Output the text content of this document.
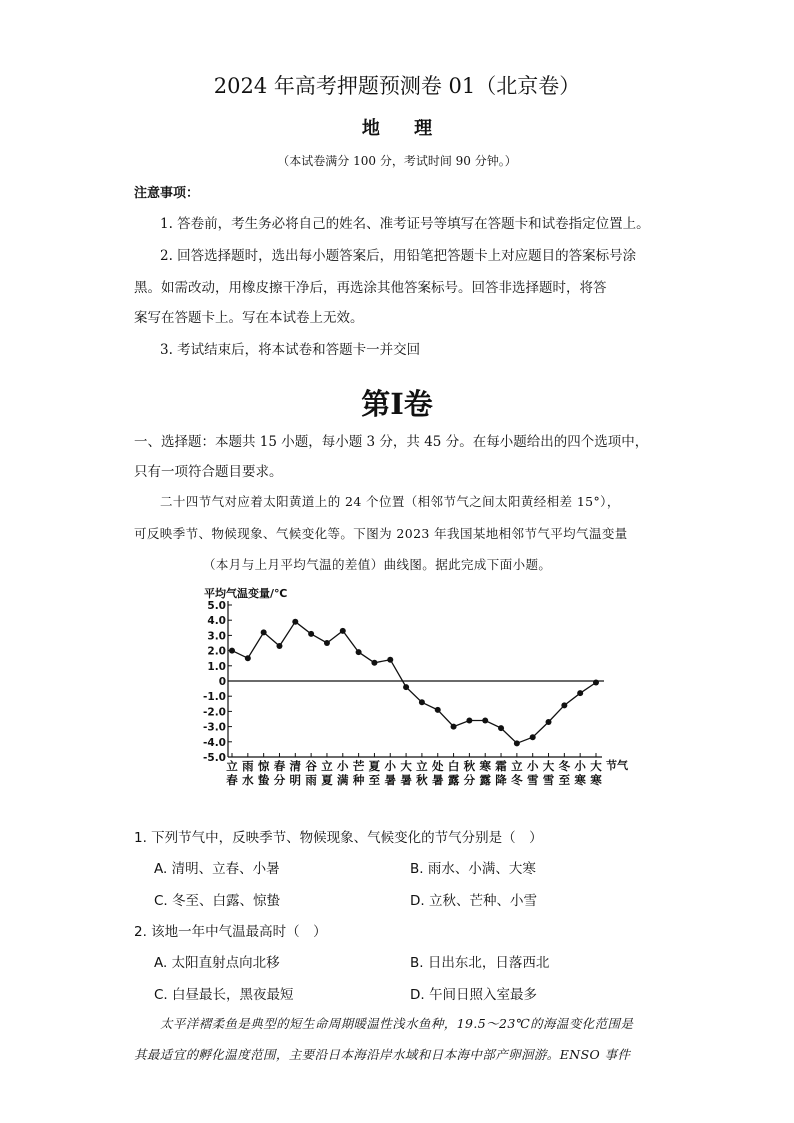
2024 年高考押题预测卷 01（北京卷）
地 理
（本试卷满分 100 分，考试时间 90 分钟。）
注意事项：
1. 答卷前，考生务必将自己的姓名、准考证号等填写在答题卡和试卷指定位置上。
2. 回答选择题时，选出每小题答案后，用铅笔把答题卡上对应题目的答案标号涂
黑。如需改动，用橡皮擦干净后，再选涂其他答案标号。回答非选择题时，将答
案写在答题卡上。写在本试卷上无效。
3. 考试结束后，将本试卷和答题卡一并交回
第Ⅰ卷
一、选择题：本题共 15 小题，每小题 3 分，共 45 分。在每小题给出的四个选项中，
只有一项符合题目要求。
二十四节气对应着太阳黄道上的 24 个位置（相邻节气之间太阳黄经相差 15°），
可反映季节、物候现象、气候变化等。下图为 2023 年我国某地相邻节气平均气温变量
（本月与上月平均气温的差值）曲线图。据此完成下面小题。
平均气温变量/℃
5.0
4.0
3.0
2.0
1.0
0
-1.0
-2.0
-3.0
-4.0
-5.0
立
春
雨
水
惊
蛰
春
分
清
明
谷
雨
立
夏
小
满
芒
种
夏
至
小
暑
大
暑
立
秋
处
暑
白
露
秋
分
寒
露
霜
降
立
冬
小
雪
大
雪
冬
至
小
寒
大
寒
节气
1. 下列节气中，反映季节、物候现象、气候变化的节气分别是（　）
A. 清明、立春、小暑	B. 雨水、小满、大寒
C. 冬至、白露、惊蛰	D. 立秋、芒种、小雪
2. 该地一年中气温最高时（　）
A. 太阳直射点向北移	B. 日出东北，日落西北
C. 白昼最长，黑夜最短	D. 午间日照入室最多
太平洋褶柔鱼是典型的短生命周期暖温性浅水鱼种，19.5～23℃的海温变化范围是
其最适宜的孵化温度范围，主要沿日本海沿岸水域和日本海中部产卵洄游。ENSO 事件
